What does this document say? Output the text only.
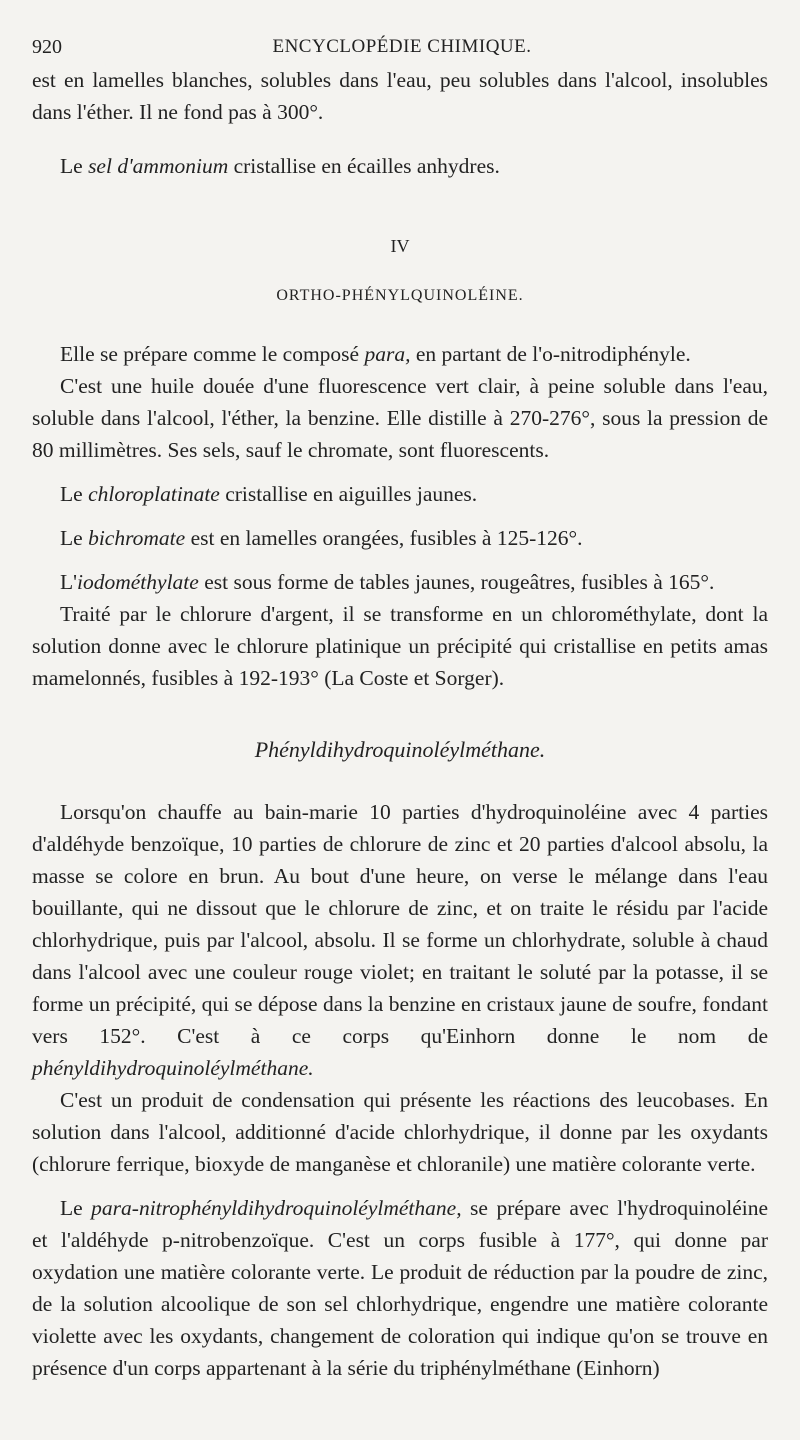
920	ENCYCLOPÉDIE CHIMIQUE.

est en lamelles blanches, solubles dans l'eau, peu solubles dans l'alcool, insolubles dans l'éther. Il ne fond pas à 300°.

Le sel d'ammonium cristallise en écailles anhydres.

IV
ORTHO-PHÉNYLQUINOLÉINE.

Elle se prépare comme le composé para, en partant de l'o-nitrodiphényle.

C'est une huile douée d'une fluorescence vert clair, à peine soluble dans l'eau, soluble dans l'alcool, l'éther, la benzine. Elle distille à 270-276°, sous la pression de 80 millimètres. Ses sels, sauf le chromate, sont fluorescents.

Le chloroplatinate cristallise en aiguilles jaunes.

Le bichromate est en lamelles orangées, fusibles à 125-126°.

L'iodométhylate est sous forme de tables jaunes, rougeâtres, fusibles à 165°.

Traité par le chlorure d'argent, il se transforme en un chlorométhylate, dont la solution donne avec le chlorure platinique un précipité qui cristallise en petits amas mamelonnés, fusibles à 192-193° (La Coste et Sorger).

Phényldihydroquinoléylméthane.

Lorsqu'on chauffe au bain-marie 10 parties d'hydroquinoléine avec 4 parties d'aldéhyde benzoïque, 10 parties de chlorure de zinc et 20 parties d'alcool absolu, la masse se colore en brun. Au bout d'une heure, on verse le mélange dans l'eau bouillante, qui ne dissout que le chlorure de zinc, et on traite le résidu par l'acide chlorhydrique, puis par l'alcool, absolu. Il se forme un chlorhydrate, soluble à chaud dans l'alcool avec une couleur rouge violet; en traitant le soluté par la potasse, il se forme un précipité, qui se dépose dans la benzine en cristaux jaune de soufre, fondant vers 152°. C'est à ce corps qu'Einhorn donne le nom de phényldihydroquinoléylméthane.

C'est un produit de condensation qui présente les réactions des leucobases. En solution dans l'alcool, additionné d'acide chlorhydrique, il donne par les oxydants (chlorure ferrique, bioxyde de manganèse et chloranile) une matière colorante verte.

Le para-nitrophényldihydroquinoléylméthane, se prépare avec l'hydroquinoléine et l'aldéhyde p-nitrobenzoïque. C'est un corps fusible à 177°, qui donne par oxydation une matière colorante verte. Le produit de réduction par la poudre de zinc, de la solution alcoolique de son sel chlorhydrique, engendre une matière colorante violette avec les oxydants, changement de coloration qui indique qu'on se trouve en présence d'un corps appartenant à la série du triphénylméthane (Einhorn)
